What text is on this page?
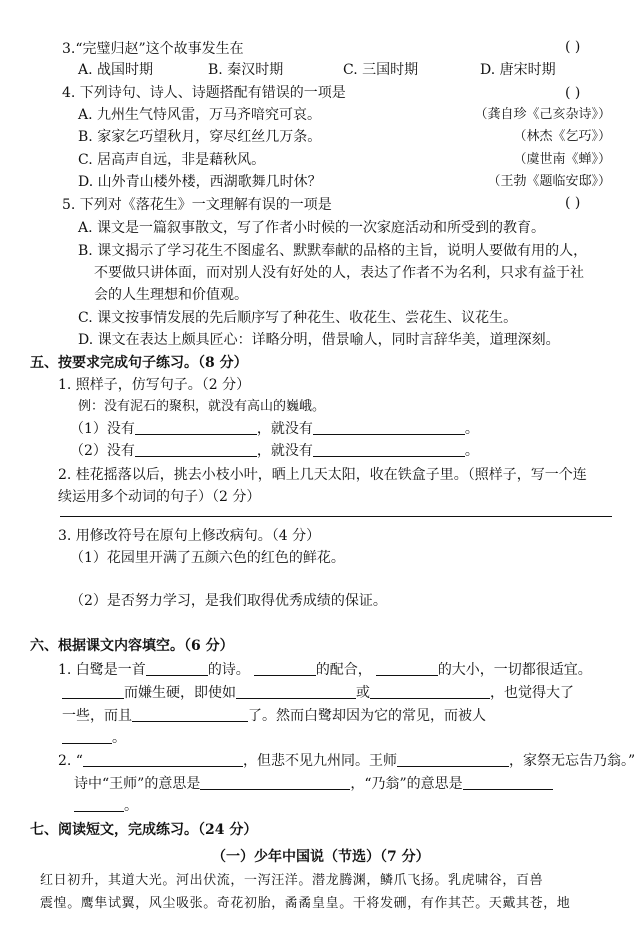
3.“完璧归赵”这个故事发生在	( )
A. 战国时期	B. 秦汉时期	C. 三国时期	D. 唐宋时期
4. 下列诗句、诗人、诗题搭配有错误的一项是	( )
A. 九州生气恃风雷，万马齐喑究可哀。	（龚自珍《己亥杂诗》）
B. 家家乞巧望秋月，穿尽红丝几万条。	（林杰《乞巧》）
C. 居高声自远，非是藉秋风。	（虞世南《蝉》）
D. 山外青山楼外楼，西湖歌舞几时休？	（王勃《题临安邸》）
5. 下列对《落花生》一文理解有误的一项是	( )
A. 课文是一篇叙事散文，写了作者小时候的一次家庭活动和所受到的教育。
B. 课文揭示了学习花生不图虚名、默默奉献的品格的主旨，说明人要做有用的人，
不要做只讲体面，而对别人没有好处的人，表达了作者不为名利，只求有益于社
会的人生理想和价值观。
C. 课文按事情发展的先后顺序写了种花生、收花生、尝花生、议花生。
D. 课文在表达上颇具匠心：详略分明，借景喻人，同时言辞华美，道理深刻。
五、按要求完成句子练习。（8 分）
1. 照样子，仿写句子。（2 分）
例：没有泥石的聚积，就没有高山的巍峨。
（1）没有	，就没有	。
（2）没有	，就没有	。
2. 桂花摇落以后，挑去小枝小叶，晒上几天太阳，收在铁盒子里。（照样子，写一个连
续运用多个动词的句子）（2 分）
3. 用修改符号在原句上修改病句。（4 分）
（1）花园里开满了五颜六色的红色的鲜花。
（2）是否努力学习，是我们取得优秀成绩的保证。
六、根据课文内容填空。（6 分）
1. 白鹭是一首	的诗。	的配合，	的大小，一切都很适宜。
而嫌生硬，即使如	或	，也觉得大了
一些，而且	了。然而白鹭却因为它的常见，而被人
。
2. “	，但悲不见九州同。王师	，家祭无忘告乃翁。”
诗中“王师”的意思是	，“乃翁”的意思是
。
七、阅读短文，完成练习。（24 分）
（一）少年中国说（节选）（7 分）
红日初升，其道大光。河出伏流，一泻汪洋。潜龙腾渊，鳞爪飞扬。乳虎啸谷，百兽
震惶。鹰隼试翼，风尘吸张。奇花初胎，矞矞皇皇。干将发硎，有作其芒。天戴其苍，地
